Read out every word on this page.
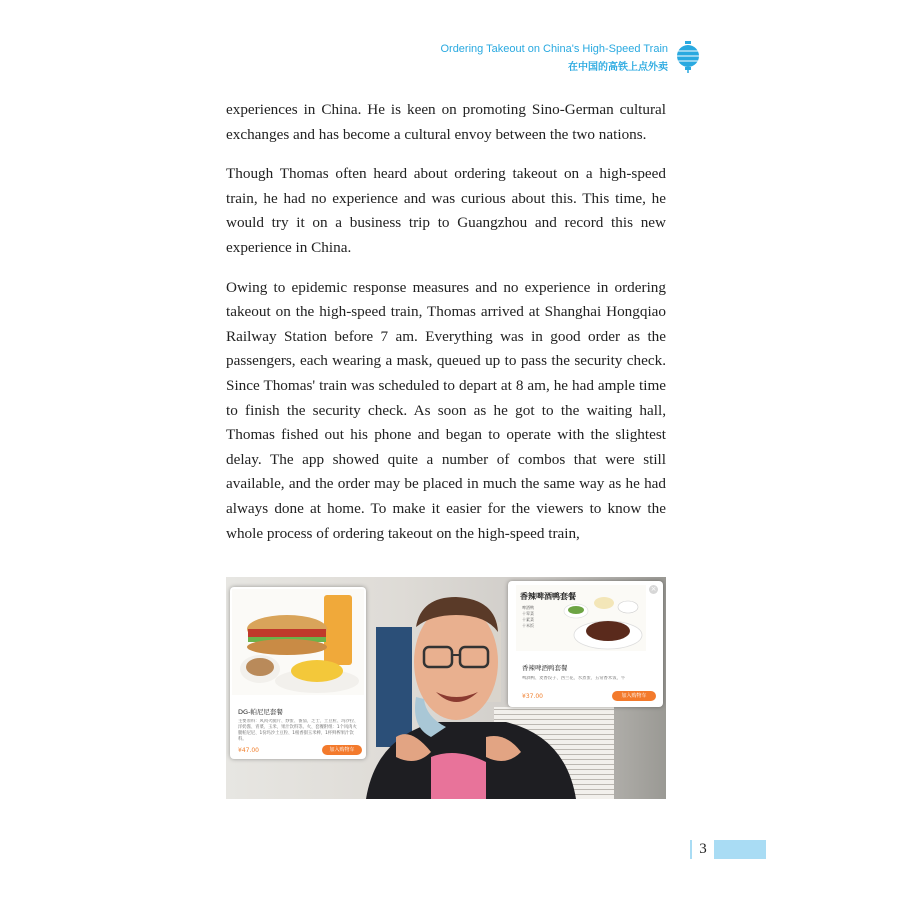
Ordering Takeout on China's High-Speed Train
在中国的高铁上点外卖

experiences in China. He is keen on promoting Sino-German cultural exchanges and has become a cultural envoy between the two nations.

Though Thomas often heard about ordering takeout on a high-speed train, he had no experience and was curious about this. This time, he would try it on a business trip to Guangzhou and record this new experience in China.

Owing to epidemic response measures and no experience in ordering takeout on the high-speed train, Thomas arrived at Shanghai Hongqiao Railway Station before 7 am. Everything was in good order as the passengers, each wearing a mask, queued up to pass the security check. Since Thomas' train was scheduled to depart at 8 am, he had ample time to finish the security check. As soon as he got to the waiting hall, Thomas fished out his phone and began to operate with the slightest delay. The app showed quite a number of combos that were still available, and the order may be placed in much the same way as he had always done at home. To make it easier for the viewers to know the whole process of ordering takeout on the high-speed train,

DG-帕尼尼套餐
主要原料：风肉火腿片、炒蛋、番茄、芝士、土豆粒、玛沙拉、洋奶酱、青菜、玉米、果汁饮料等。火、套餐附组：1个风肉火腿帕尼尼、1份玛沙土豆粒、1根香甜玉米棒、1杯鲜榨果汁饮料。
¥47.00	加入购物车
香辣啤酒鸭套餐
啤酒鸭
十荤菜
十素菜
十米饭
×
香辣啤酒鸭套餐
啤酒鸭、麦香饺子、西兰花、水煮蛋、五常香米饭、牛
¥37.00	加入购物车
3
